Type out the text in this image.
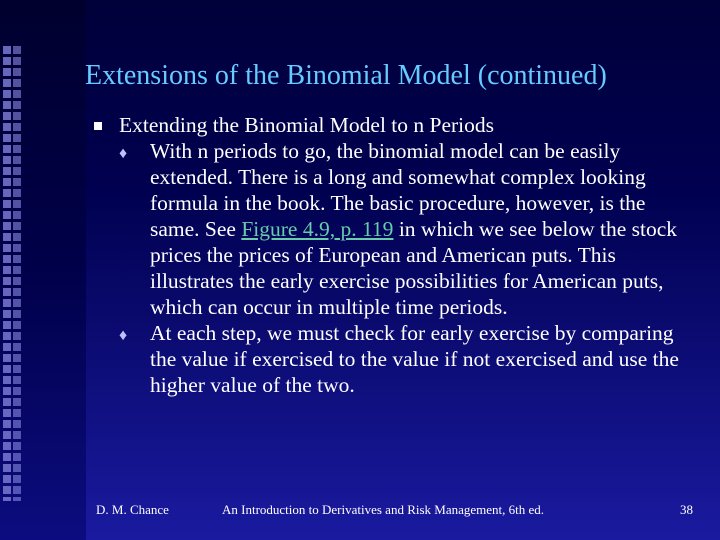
Extensions of the Binomial Model (continued)
Extending the Binomial Model to n Periods
♦ With n periods to go, the binomial model can be easily extended. There is a long and somewhat complex looking formula in the book. The basic procedure, however, is the same. See Figure 4.9, p. 119 in which we see below the stock prices the prices of European and American puts. This illustrates the early exercise possibilities for American puts, which can occur in multiple time periods.
♦ At each step, we must check for early exercise by comparing the value if exercised to the value if not exercised and use the higher value of the two.
D. M. Chance	An Introduction to Derivatives and Risk Management, 6th ed.	38
